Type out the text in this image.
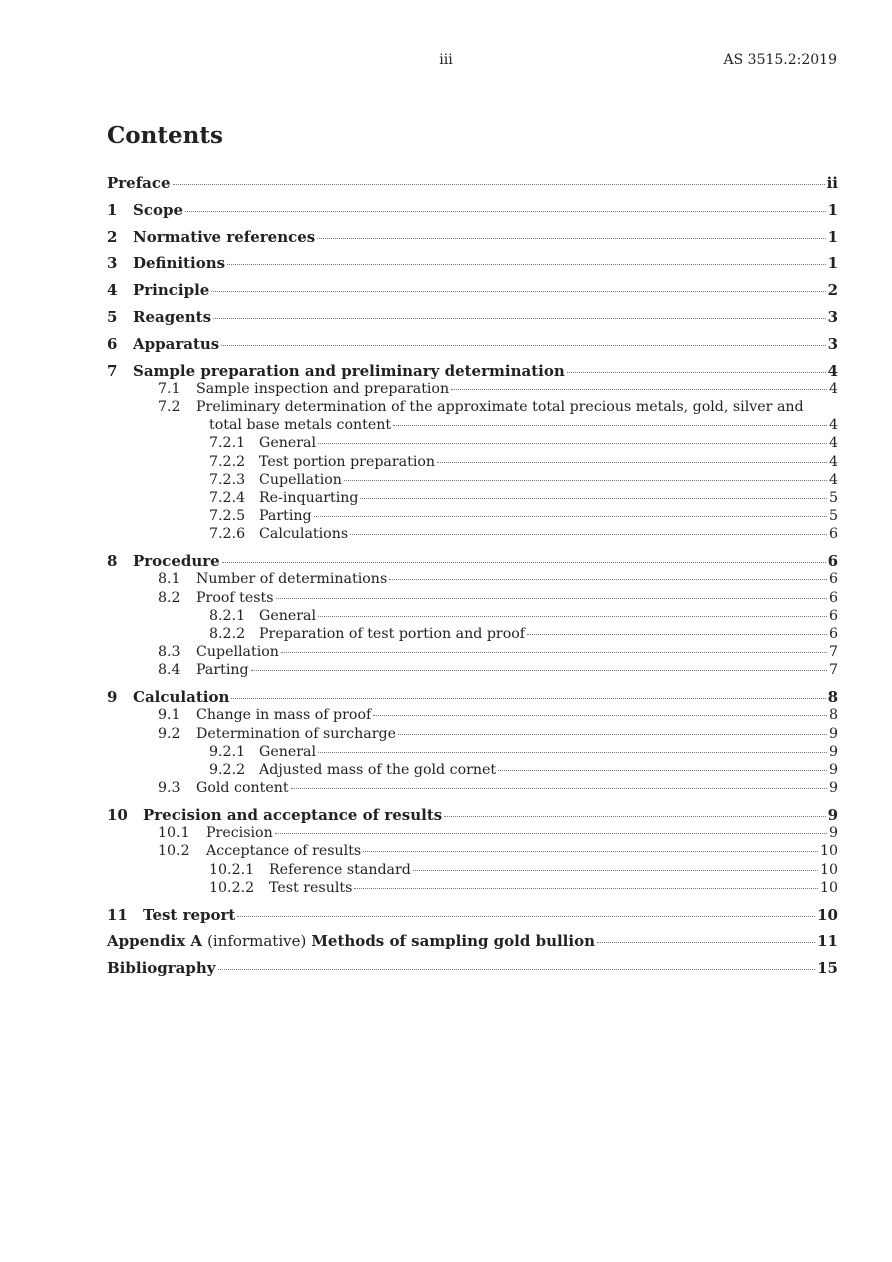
iii	AS 3515.2:2019
Contents
Preface	ii
1	Scope	1
2	Normative references	1
3	Definitions	1
4	Principle	2
5	Reagents	3
6	Apparatus	3
7	Sample preparation and preliminary determination	4
7.1	Sample inspection and preparation	4
7.2	Preliminary determination of the approximate total precious metals, gold, silver and
total base metals content	4
7.2.1 General	4
7.2.2 Test portion preparation	4
7.2.3 Cupellation	4
7.2.4 Re-inquarting	5
7.2.5 Parting	5
7.2.6 Calculations	6
8	Procedure	6
8.1	Number of determinations	6
8.2	Proof tests	6
8.2.1 General	6
8.2.2 Preparation of test portion and proof	6
8.3	Cupellation	7
8.4	Parting	7
9	Calculation	8
9.1	Change in mass of proof	8
9.2	Determination of surcharge	9
9.2.1 General	9
9.2.2 Adjusted mass of the gold cornet	9
9.3	Gold content	9
10	Precision and acceptance of results	9
10.1	Precision	9
10.2	Acceptance of results	10
10.2.1	Reference standard	10
10.2.2	Test results	10
11	Test report	10
Appendix A (informative) Methods of sampling gold bullion	11
Bibliography	15
